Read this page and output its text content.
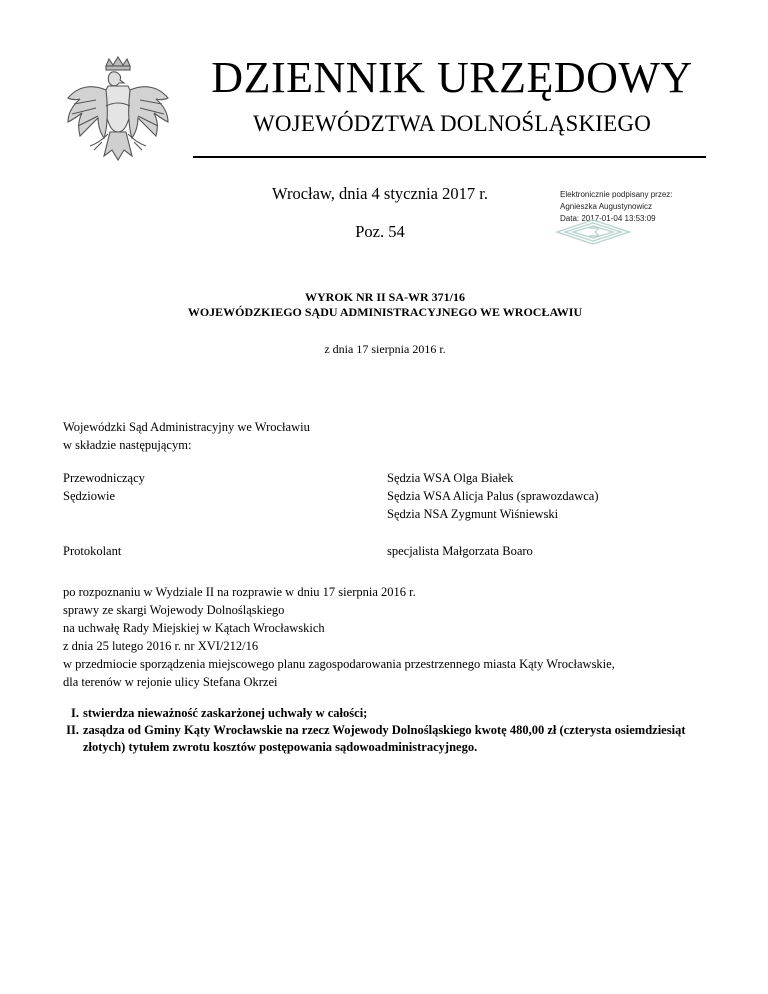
DZIENNIK URZĘDOWY
WOJEWÓDZTWA DOLNOŚLĄSKIEGO
Wrocław, dnia 4 stycznia 2017 r.
Poz. 54
Elektronicznie podpisany przez:
Agnieszka Augustynowicz
Data: 2017-01-04 13:53:09
WYROK NR II SA-WR 371/16
WOJEWÓDZKIEGO SĄDU ADMINISTRACYJNEGO WE WROCŁAWIU
z dnia 17 sierpnia 2016 r.
Wojewódzki Sąd Administracyjny we Wrocławiu
w składzie następującym:
Przewodniczący
Sędziowie
Sędzia WSA Olga Białek
Sędzia WSA Alicja Palus (sprawozdawca)
Sędzia NSA Zygmunt Wiśniewski
Protokolant	specjalista Małgorzata Boaro
po rozpoznaniu w Wydziale II na rozprawie w dniu 17 sierpnia 2016 r.
sprawy ze skargi Wojewody Dolnośląskiego
na uchwałę Rady Miejskiej w Kątach Wrocławskich
z dnia 25 lutego 2016 r. nr XVI/212/16
w przedmiocie sporządzenia miejscowego planu zagospodarowania przestrzennego miasta Kąty Wrocławskie,
dla terenów w rejonie ulicy Stefana Okrzei
I. stwierdza nieważność zaskarżonej uchwały w całości;
II. zasądza od Gminy Kąty Wrocławskie na rzecz Wojewody Dolnośląskiego kwotę 480,00 zł (czterysta osiemdziesiąt złotych) tytułem zwrotu kosztów postępowania sądowoadministracyjnego.
